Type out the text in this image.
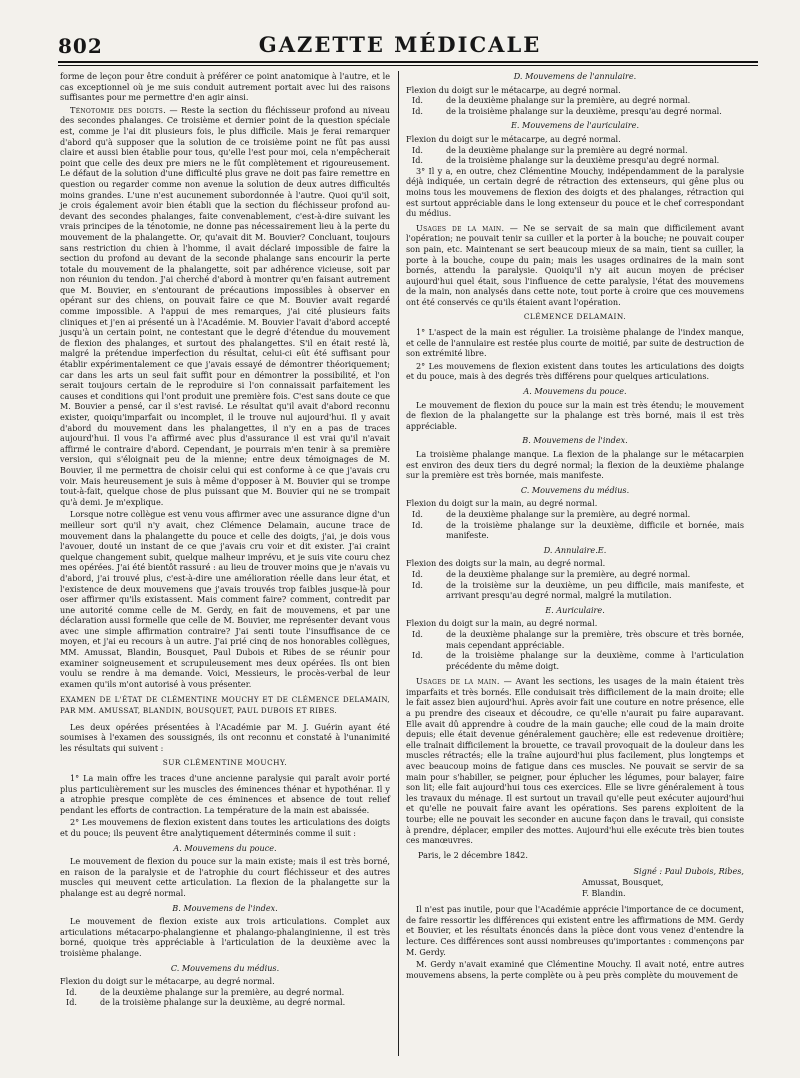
802	GAZETTE MÉDICALE

forme de leçon pour être conduit à préférer ce point anatomique à l'autre, et le cas exceptionnel où je me suis conduit autrement portait avec lui des raisons suffisantes pour me permettre d'en agir ainsi.

Ténotomie des doigts. — Reste la section du fléchisseur profond au niveau des secondes phalanges. Ce troisième et dernier point de la question spéciale est, comme je l'ai dit plusieurs fois, le plus difficile. Mais je ferai remarquer d'abord qu'à supposer que la solution de ce troisième point ne fût pas aussi claire et aussi bien établie pour tous, qu'elle l'est pour moi, cela n'empêcherait point que celle des deux pre miers ne le fût complètement et rigoureusement. Le défaut de la solution d'une difficulté plus grave ne doit pas faire remettre en question ou regarder comme non avenue la solution de deux autres difficultés moins grandes. L'une n'est aucunement subordonnée à l'autre. Quoi qu'il soit, je crois également avoir bien établi que la section du fléchisseur profond au-devant des secondes phalanges, faite convenablement, c'est-à-dire suivant les vrais principes de la ténotomie, ne donne pas nécessairement lieu à la perte du mouvement de la phalangette. Or, qu'avait dit M. Bouvier? Concluant, toujours sans restriction du chien à l'homme, il avait déclaré impossible de faire la section du profond au devant de la seconde phalange sans encourir la perte totale du mouvement de la phalangette, soit par adhérence vicieuse, soit par non réunion du tendon. J'ai cherché d'abord à montrer qu'en faisant autrement que M. Bouvier, en s'entourant de précautions impossibles à observer en opérant sur des chiens, on pouvait faire ce que M. Bouvier avait regardé comme impossible. A l'appui de mes remarques, j'ai cité plusieurs faits cliniques et j'en ai présenté un à l'Académie. M. Bouvier l'avait d'abord accepté jusqu'à un certain point, ne contestant que le degré d'étendue du mouvement de flexion des phalanges, et surtout des phalangettes. S'il en était resté là, malgré la prétendue imperfection du résultat, celui-ci eût été suffisant pour établir expérimentalement ce que j'avais essayé de démontrer théoriquement; car dans les arts un seul fait suffit pour en démontrer la possibilité, et l'on serait toujours certain de le reproduire si l'on connaissait parfaitement les causes et conditions qui l'ont produit une première fois. C'est sans doute ce que M. Bouvier a pensé, car il s'est ravisé. Le résultat qu'il avait d'abord reconnu exister, quoiqu'imparfait ou incomplet, il le trouve nul aujourd'hui. Il y avait d'abord du mouvement dans les phalangettes, il n'y en a pas de traces aujourd'hui. Il vous l'a affirmé avec plus d'assurance il est vrai qu'il n'avait affirmé le contraire d'abord. Cependant, je pourrais m'en tenir à sa première version, qui s'éloignait peu de la mienne; entre deux témoignages de M. Bouvier, il me permettra de choisir celui qui est conforme à ce que j'avais cru voir. Mais heureusement je suis à même d'opposer à M. Bouvier qui se trompe tout-à-fait, quelque chose de plus puissant que M. Bouvier qui ne se trompait qu'à demi. Je m'explique.

Lorsque notre collègue est venu vous affirmer avec une assurance digne d'un meilleur sort qu'il n'y avait, chez Clémence Delamain, aucune trace de mouvement dans la phalangette du pouce et celle des doigts, j'ai, je dois vous l'avouer, douté un instant de ce que j'avais cru voir et dit exister. J'ai craint quelque changement subit, quelque malheur imprévu, et je suis vite couru chez mes opérées. J'ai été bientôt rassuré : au lieu de trouver moins que je n'avais vu d'abord, j'ai trouvé plus, c'est-à-dire une amélioration réelle dans leur état, et l'existence de deux mouvemens que j'avais trouvés trop faibles jusque-là pour oser affirmer qu'ils existassent. Mais comment faire? comment, contredit par une autorité comme celle de M. Gerdy, en fait de mouvemens, et par une déclaration aussi formelle que celle de M. Bouvier, me représenter devant vous avec une simple affirmation contraire? J'ai senti toute l'insuffisance de ce moyen, et j'ai eu recours à un autre. J'ai prié cinq de nos honorables collègues, MM. Amussat, Blandin, Bousquet, Paul Dubois et Ribes de se réunir pour examiner soigneusement et scrupuleusement mes deux opérées. Ils ont bien voulu se rendre à ma demande. Voici, Messieurs, le procès-verbal de leur examen qu'ils m'ont autorisé à vous présenter.

EXAMEN DE L'ÉTAT DE CLÉMENTINE MOUCHY ET DE CLÉMENCE DELAMAIN, PAR MM. AMUSSAT, BLANDIN, BOUSQUET, PAUL DUBOIS ET RIBES.

Les deux opérées présentées à l'Académie par M. J. Guérin ayant été soumises à l'examen des soussignés, ils ont reconnu et constaté à l'unanimité les résultats qui suivent :

SUR CLÉMENTINE MOUCHY.

1° La main offre les traces d'une ancienne paralysie qui paraît avoir porté plus particulièrement sur les muscles des éminences thénar et hypothénar. Il y a atrophie presque complète de ces éminences et absence de tout relief pendant les efforts de contraction. La température de la main est abaissée.

2° Les mouvemens de flexion existent dans toutes les articulations des doigts et du pouce; ils peuvent être analytiquement déterminés comme il suit :

A. Mouvemens du pouce.

Le mouvement de flexion du pouce sur la main existe; mais il est très borné, en raison de la paralysie et de l'atrophie du court fléchisseur et des autres muscles qui meuvent cette articulation. La flexion de la phalangette sur la phalange est au degré normal.

B. Mouvemens de l'index.

Le mouvement de flexion existe aux trois articulations. Complet aux articulations métacarpo-phalangienne et phalango-phalanginienne, il est très borné, quoique très appréciable à l'articulation de la deuxième avec la troisième phalange.

C. Mouvemens du médius.

Flexion du doigt sur le métacarpe, au degré normal.

Id.	de la deuxième phalange sur la première, au degré normal.
Id.	de la troisième phalange sur la deuxième, au degré normal.

D. Mouvemens de l'annulaire.

Flexion du doigt sur le métacarpe, au degré normal.

Id.	de la deuxième phalange sur la première, au degré normal.
Id.	de la troisième phalange sur la deuxième, presqu'au degré normal.

E. Mouvemens de l'auriculaire.

Flexion du doigt sur le métacarpe, au degré normal.

Id.	de la deuxième phalange sur la première au degré normal.
Id.	de la troisième phalange sur la deuxième presqu'au degré normal.

3° Il y a, en outre, chez Clémentine Mouchy, indépendamment de la paralysie déjà indiquée, un certain degré de rétraction des extenseurs, qui gêne plus ou moins tous les mouvemens de flexion des doigts et des phalanges, rétraction qui est surtout appréciable dans le long extenseur du pouce et le chef correspondant du médius.

Usages de la main. — Ne se servait de sa main que difficilement avant l'opération; ne pouvait tenir sa cuiller et la porter à la bouche; ne pouvait couper son pain, etc. Maintenant se sert beaucoup mieux de sa main, tient sa cuiller, la porte à la bouche, coupe du pain; mais les usages ordinaires de la main sont bornés, attendu la paralysie. Quoiqu'il n'y ait aucun moyen de préciser aujourd'hui quel était, sous l'influence de cette paralysie, l'état des mouvemens de la main, non analysés dans cette note, tout porte à croire que ces mouvemens ont été conservés ce qu'ils étaient avant l'opération.

CLÉMENCE DELAMAIN.

1° L'aspect de la main est régulier. La troisième phalange de l'index manque, et celle de l'annulaire est restée plus courte de moitié, par suite de destruction de son extrémité libre.

2° Les mouvemens de flexion existent dans toutes les articulations des doigts et du pouce, mais à des degrés très différens pour quelques articulations.

A. Mouvemens du pouce.

Le mouvement de flexion du pouce sur la main est très étendu; le mouvement de flexion de la phalangette sur la phalange est très borné, mais il est très appréciable.

B. Mouvemens de l'index.

La troisième phalange manque. La flexion de la phalange sur le métacarpien est environ des deux tiers du degré normal; la flexion de la deuxième phalange sur la première est très bornée, mais manifeste.

C. Mouvemens du médius.

Flexion du doigt sur la main, au degré normal.

Id.	de la deuxième phalange sur la première, au degré normal.
Id.	de la troisième phalange sur la deuxième, difficile et bornée, mais manifeste.

D. Annulaire.E.

Flexion des doigts sur la main, au degré normal.

Id.	de la deuxième phalange sur la première, au degré normal.
Id.	de la troisième sur la deuxième, un peu difficile, mais manifeste, et arrivant presqu'au degré normal, malgré la mutilation.

E. Auriculaire.

Flexion du doigt sur la main, au degré normal.

Id.	de la deuxième phalange sur la première, très obscure et très bornée, mais cependant appréciable.
Id.	de la troisième phalange sur la deuxième, comme à l'articulation précédente du même doigt.

Usages de la main. — Avant les sections, les usages de la main étaient très imparfaits et très bornés. Elle conduisait très difficilement de la main droite; elle le fait assez bien aujourd'hui. Après avoir fait une couture en notre présence, elle a pu prendre des ciseaux et découdre, ce qu'elle n'aurait pu faire auparavant. Elle avait dû apprendre à coudre de la main gauche; elle coud de la main droite depuis; elle était devenue généralement gauchère; elle est redevenue droitière; elle traînait difficilement la brouette, ce travail provoquait de la douleur dans les muscles rétractés; elle la traîne aujourd'hui plus facilement, plus longtemps et avec beaucoup moins de fatigue dans ces muscles. Ne pouvait se servir de sa main pour s'habiller, se peigner, pour éplucher les légumes, pour balayer, faire son lit; elle fait aujourd'hui tous ces exercices. Elle se livre généralement à tous les travaux du ménage. Il est surtout un travail qu'elle peut exécuter aujourd'hui et qu'elle ne pouvait faire avant les opérations. Ses parens exploitent de la tourbe; elle ne pouvait les seconder en aucune façon dans le travail, qui consiste à prendre, déplacer, empiler des mottes. Aujourd'hui elle exécute très bien toutes ces manœuvres.

Paris, le 2 décembre 1842.

Signé : Paul Dubois, Ribes,

Amussat, Bousquet,

F. Blandin.

Il n'est pas inutile, pour que l'Académie apprécie l'importance de ce document, de faire ressortir les différences qui existent entre les affirmations de MM. Gerdy et Bouvier, et les résultats énoncés dans la pièce dont vous venez d'entendre la lecture. Ces différences sont aussi nombreuses qu'importantes : commençons par M. Gerdy.

M. Gerdy n'avait examiné que Clémentine Mouchy. Il avait noté, entre autres mouvemens absens, la perte complète ou à peu près complète du mouvement de
